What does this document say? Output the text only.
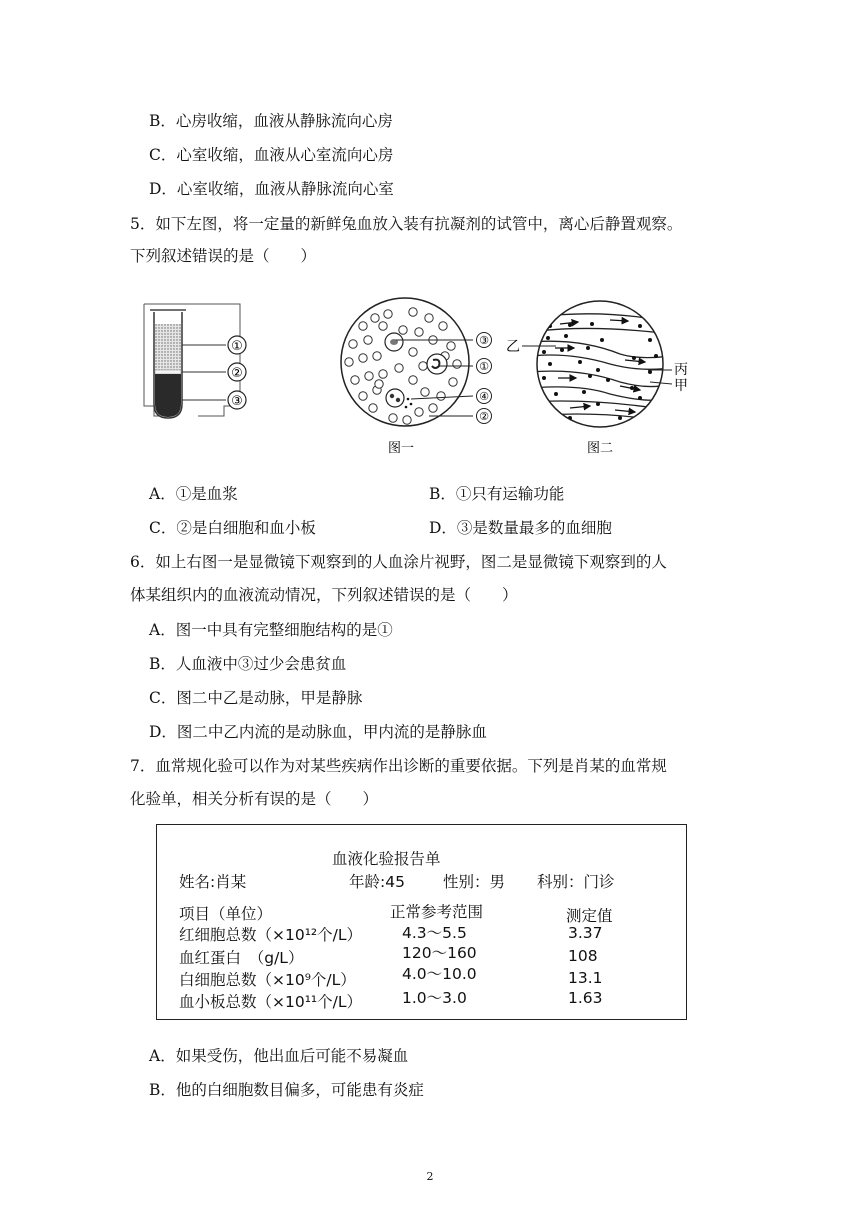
B．心房收缩，血液从静脉流向心房
C．心室收缩，血液从心室流向心房
D．心室收缩，血液从静脉流向心室
5．如下左图，将一定量的新鲜兔血放入装有抗凝剂的试管中，离心后静置观察。
下列叙述错误的是（　　）
①
②
③
③
①
④
②
图一
乙
丙
甲
图二
A．①是血浆	B．①只有运输功能
C．②是白细胞和血小板	D．③是数量最多的血细胞
6．如上右图一是显微镜下观察到的人血涂片视野，图二是显微镜下观察到的人
体某组织内的血液流动情况，下列叙述错误的是（　　）
A．图一中具有完整细胞结构的是①
B．人血液中③过少会患贫血
C．图二中乙是动脉，甲是静脉
D．图二中乙内流的是动脉血，甲内流的是静脉血
7．血常规化验可以作为对某些疾病作出诊断的重要依据。下列是肖某的血常规
化验单，相关分析有误的是（　　）
血液化验报告单
姓名:肖某	年龄:45 性别：男 科别：门诊
项目（单位）	正常参考范围	测定值
红细胞总数（×10¹²个/L）	4.3～5.5	3.37
血红蛋白　（g/L）	120～160	108
白细胞总数（×10⁹个/L）	4.0～10.0	13.1
血小板总数（×10¹¹个/L）	1.0～3.0	1.63
A．如果受伤，他出血后可能不易凝血
B．他的白细胞数目偏多，可能患有炎症
2
